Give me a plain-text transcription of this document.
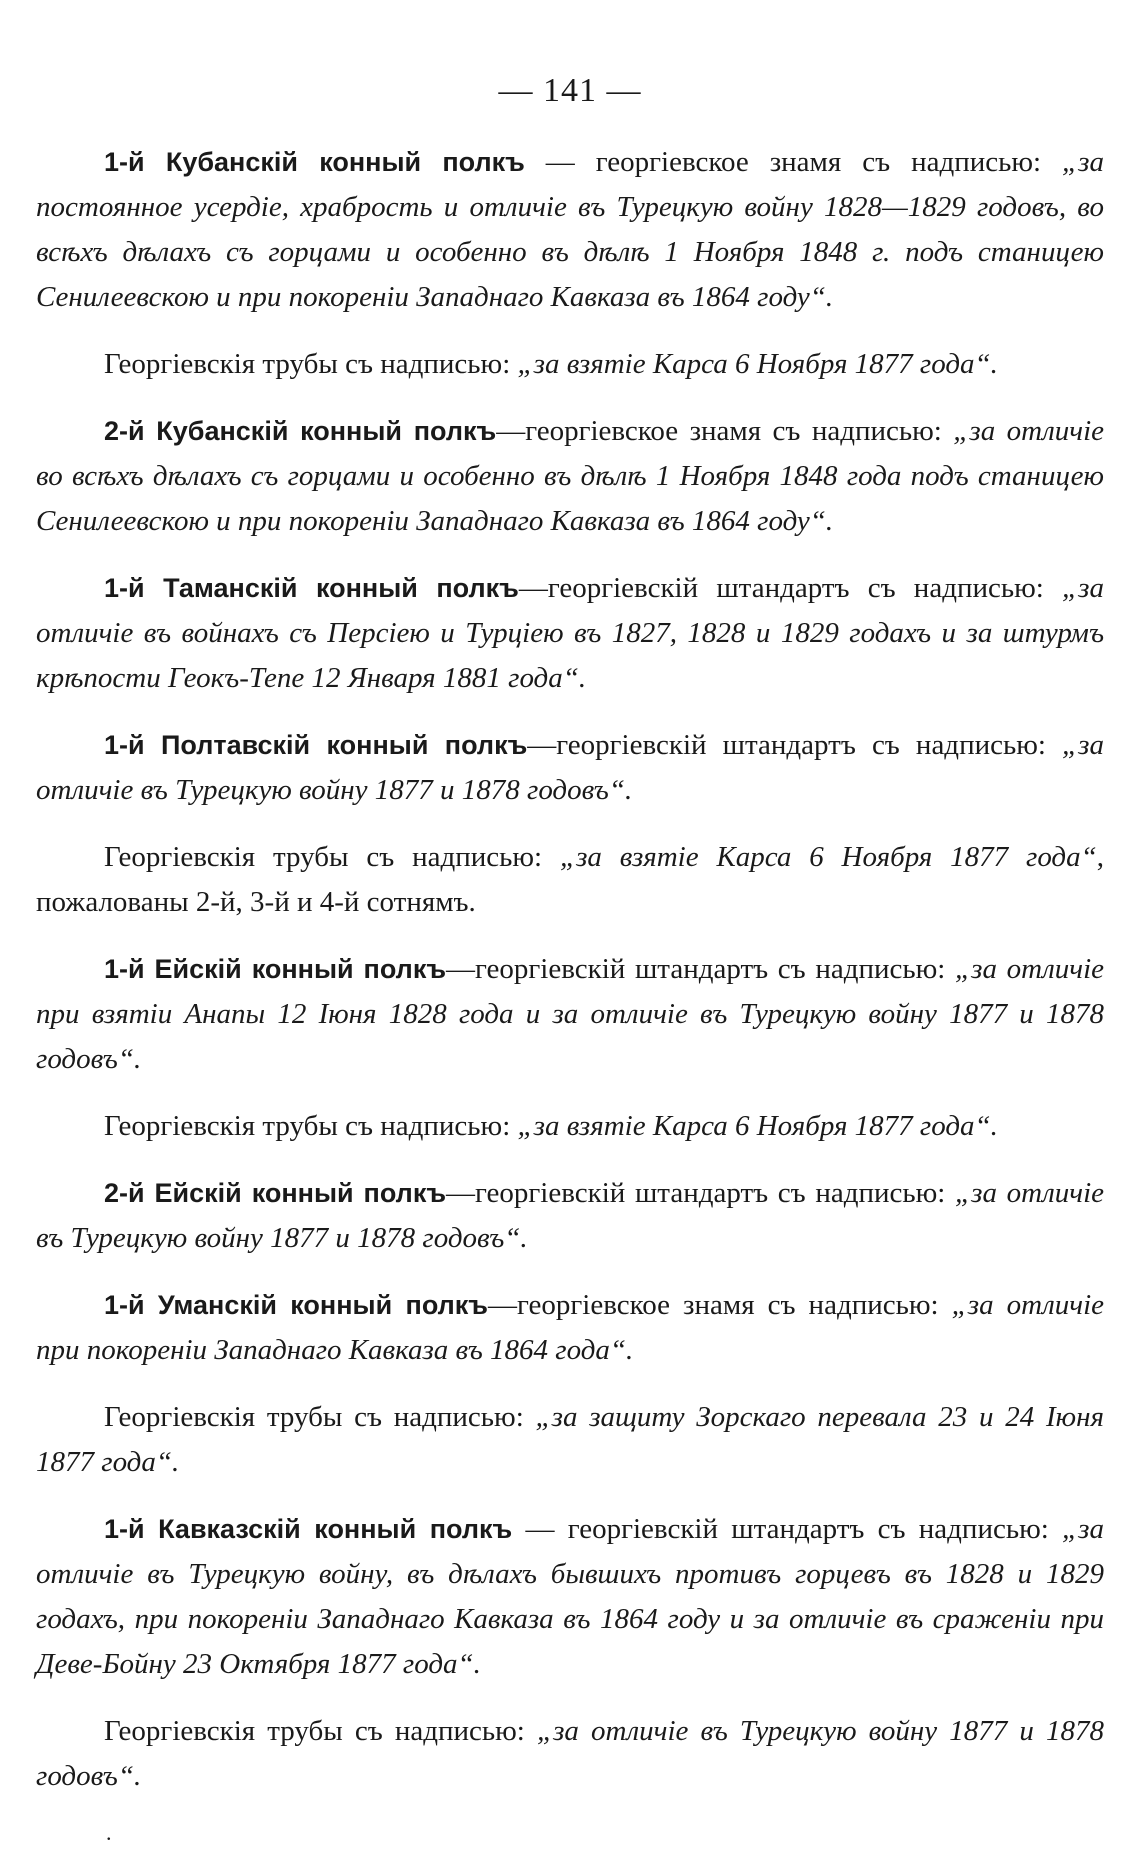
— 141 —

1-й Кубанскій конный полкъ — георгіевское знамя съ надписью: „за постоянное усердіе, храбрость и отличіе въ Турецкую войну 1828—1829 годовъ, во всѣхъ дѣлахъ съ горцами и особенно въ дѣлѣ 1 Ноября 1848 г. подъ станицею Сенилеевскою и при покореніи Западнаго Кавказа въ 1864 году“.

Георгіевскія трубы съ надписью: „за взятіе Карса 6 Ноября 1877 года“.

2-й Кубанскій конный полкъ—георгіевское знамя съ надписью: „за отличіе во всѣхъ дѣлахъ съ горцами и особенно въ дѣлѣ 1 Ноября 1848 года подъ станицею Сенилеевскою и при покореніи Западнаго Кавказа въ 1864 году“.

1-й Таманскій конный полкъ—георгіевскій штандартъ съ надписью: „за отличіе въ войнахъ съ Персіею и Турціею въ 1827, 1828 и 1829 годахъ и за штурмъ крѣпости Геокъ-Тепе 12 Января 1881 года“.

1-й Полтавскій конный полкъ—георгіевскій штандартъ съ надписью: „за отличіе въ Турецкую войну 1877 и 1878 годовъ“.

Георгіевскія трубы съ надписью: „за взятіе Карса 6 Ноября 1877 года“, пожалованы 2-й, 3-й и 4-й сотнямъ.

1-й Ейскій конный полкъ—георгіевскій штандартъ съ надписью: „за отличіе при взятіи Анапы 12 Іюня 1828 года и за отличіе въ Турецкую войну 1877 и 1878 годовъ“.

Георгіевскія трубы съ надписью: „за взятіе Карса 6 Ноября 1877 года“.

2-й Ейскій конный полкъ—георгіевскій штандартъ съ надписью: „за отличіе въ Турецкую войну 1877 и 1878 годовъ“.

1-й Уманскій конный полкъ—георгіевское знамя съ надписью: „за отличіе при покореніи Западнаго Кавказа въ 1864 года“.

Георгіевскія трубы съ надписью: „за защиту Зорскаго перевала 23 и 24 Іюня 1877 года“.

1-й Кавказскій конный полкъ — георгіевскій штандартъ съ надписью: „за отличіе въ Турецкую войну, въ дѣлахъ бывшихъ противъ горцевъ въ 1828 и 1829 годахъ, при покореніи Западнаго Кавказа въ 1864 году и за отличіе въ сраженіи при Деве-Бойну 23 Октября 1877 года“.

Георгіевскія трубы съ надписью: „за отличіе въ Турецкую войну 1877 и 1878 годовъ“.

.
